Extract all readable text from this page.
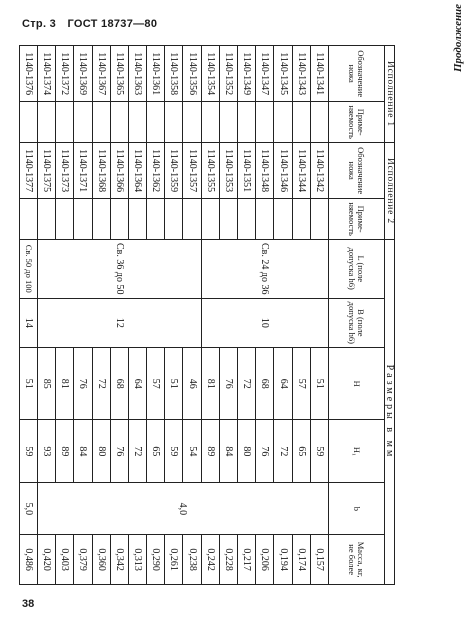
Стр. 3 ГОСТ 18737—80	Продолжение
Исполнение 1		Исполнение 2		Размеры в мм					
Обозначение ножа	Приме- няемость	Обозначение ножа	Приме- няемость	L (поле допуска h6)	B (поле допуска h6)	H	H₁	b	Масса, кг, не более
1140-1341		1140-1342		Св. 24 до 36	10	51	59	4,0	0,157
1140-1343		1140-1344				57	65		0,174
1140-1345		1140-1346				64	72		0,194
1140-1347		1140-1348				68	76		0,206
1140-1349		1140-1351				72	80		0,217
1140-1352		1140-1353				76	84		0,228
1140-1354		1140-1355				81	89		0,242
1140-1356		1140-1357		Св. 36 до 50	12	46	54		0,238
1140-1358		1140-1359				51	59		0,261
1140-1361		1140-1362				57	65		0,290
1140-1363		1140-1364				64	72		0,313
1140-1365		1140-1366				68	76		0,342
1140-1367		1140-1368				72	80		0,360
1140-1369		1140-1371				76	84		0,379
1140-1372		1140-1373				81	89		0,403
1140-1374		1140-1375				85	93		0,420
1140-1376		1140-1377		Св. 50 до 100	14	51	59	5,0	0,486
38
